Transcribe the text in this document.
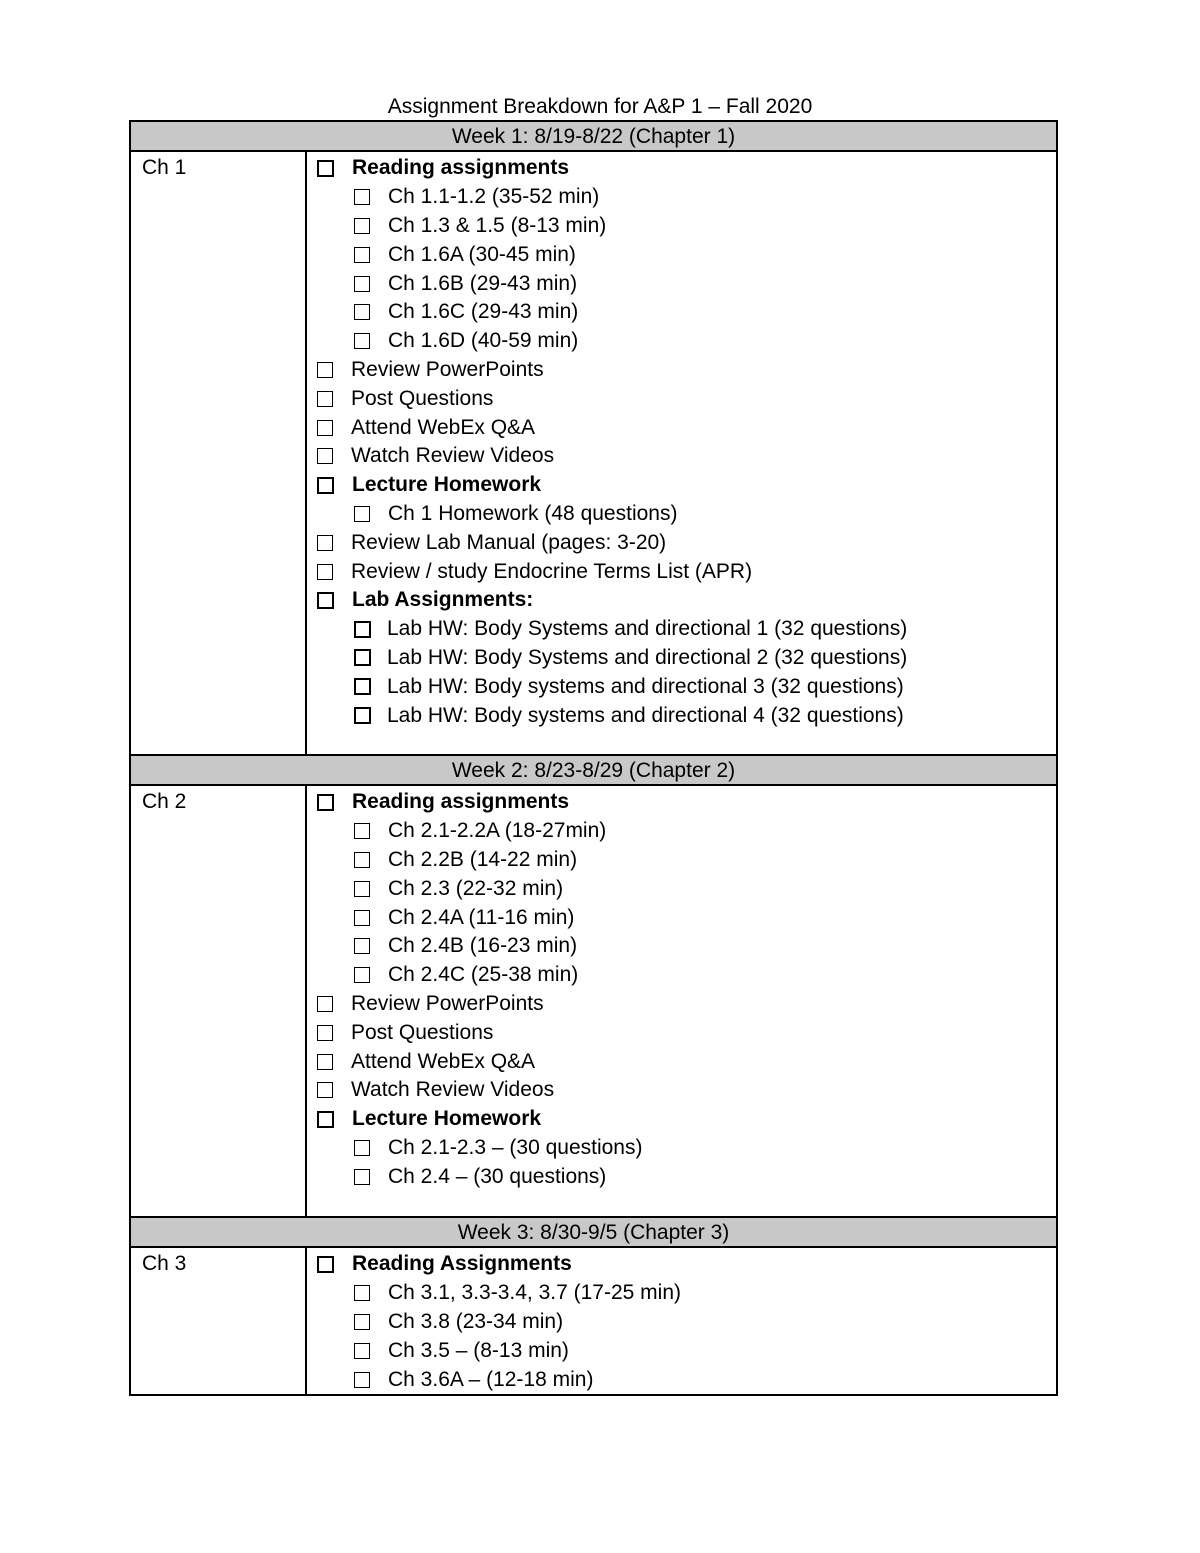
Assignment Breakdown for A&P 1 – Fall 2020
Week 1: 8/19-8/22 (Chapter 1)
Ch 1	Reading assignments
Ch 1.1-1.2 (35-52 min)
Ch 1.3 & 1.5 (8-13 min)
Ch 1.6A (30-45 min)
Ch 1.6B (29-43 min)
Ch 1.6C (29-43 min)
Ch 1.6D (40-59 min)
Review PowerPoints
Post Questions
Attend WebEx Q&A
Watch Review Videos
Lecture Homework
Ch 1 Homework (48 questions)
Review Lab Manual (pages: 3-20)
Review / study Endocrine Terms List (APR)
Lab Assignments:
Lab HW: Body Systems and directional 1 (32 questions)
Lab HW: Body Systems and directional 2 (32 questions)
Lab HW: Body systems and directional 3 (32 questions)
Lab HW: Body systems and directional 4 (32 questions)
Week 2: 8/23-8/29 (Chapter 2)
Ch 2	Reading assignments
Ch 2.1-2.2A (18-27min)
Ch 2.2B (14-22 min)
Ch 2.3 (22-32 min)
Ch 2.4A (11-16 min)
Ch 2.4B (16-23 min)
Ch 2.4C (25-38 min)
Review PowerPoints
Post Questions
Attend WebEx Q&A
Watch Review Videos
Lecture Homework
Ch 2.1-2.3 – (30 questions)
Ch 2.4 – (30 questions)
Week 3: 8/30-9/5 (Chapter 3)
Ch 3	Reading Assignments
Ch 3.1, 3.3-3.4, 3.7 (17-25 min)
Ch 3.8 (23-34 min)
Ch 3.5 – (8-13 min)
Ch 3.6A – (12-18 min)
